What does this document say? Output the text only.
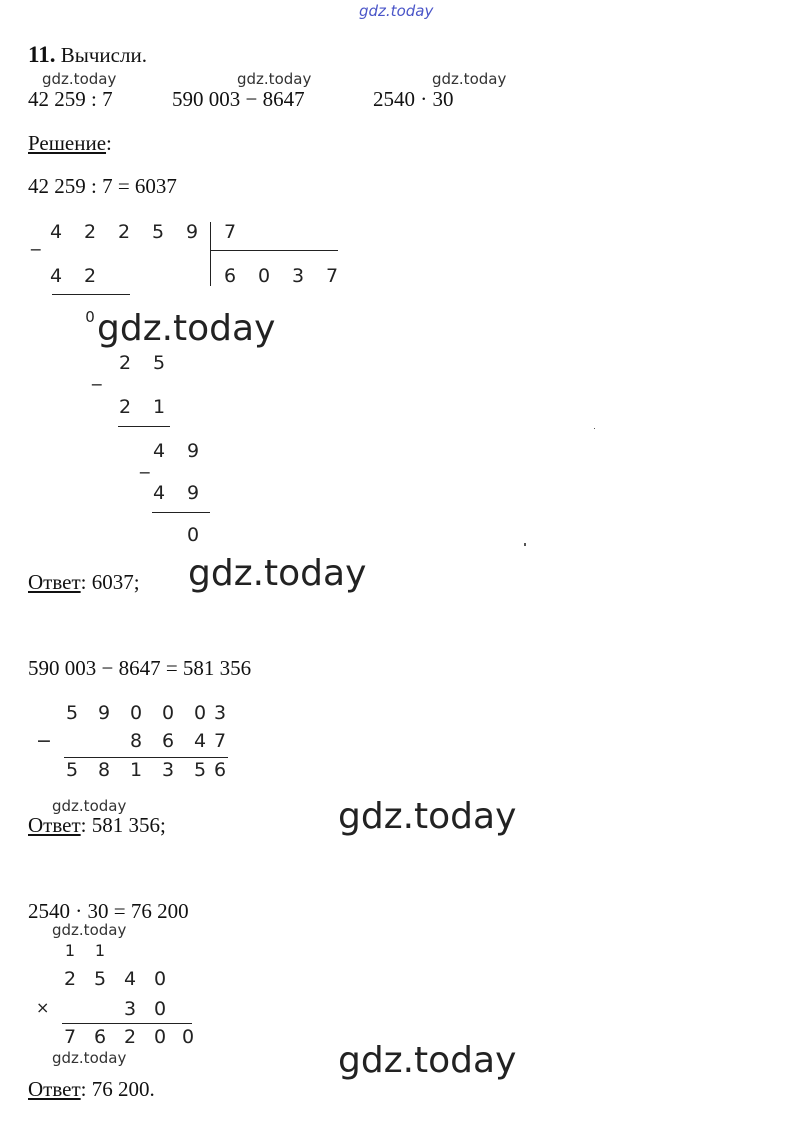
gdz.today
11. Вычисли.
gdz.today	gdz.today	gdz.today
42 259 : 7	590 003 − 8647	2540 · 30
Решение:
42 259 : 7 = 6037
_ 4 2 2 5 9 7
6 0 3 7
4 2
0
_
2 5
2 1
_
4 9
4 9
0
gdz.today
Ответ: 6037; gdz.today
590 003 − 8647 = 581 356
5 9 0 0 0 3
−	8 6 4 7
5 8 1 3 5 6
gdz.today
Ответ: 581 356;	gdz.today
2540 · 30 = 76 200
gdz.today
1	1
2 5 4 0
×	3 0
7 6 2 0 0
gdz.today
Ответ: 76 200.
gdz.today
